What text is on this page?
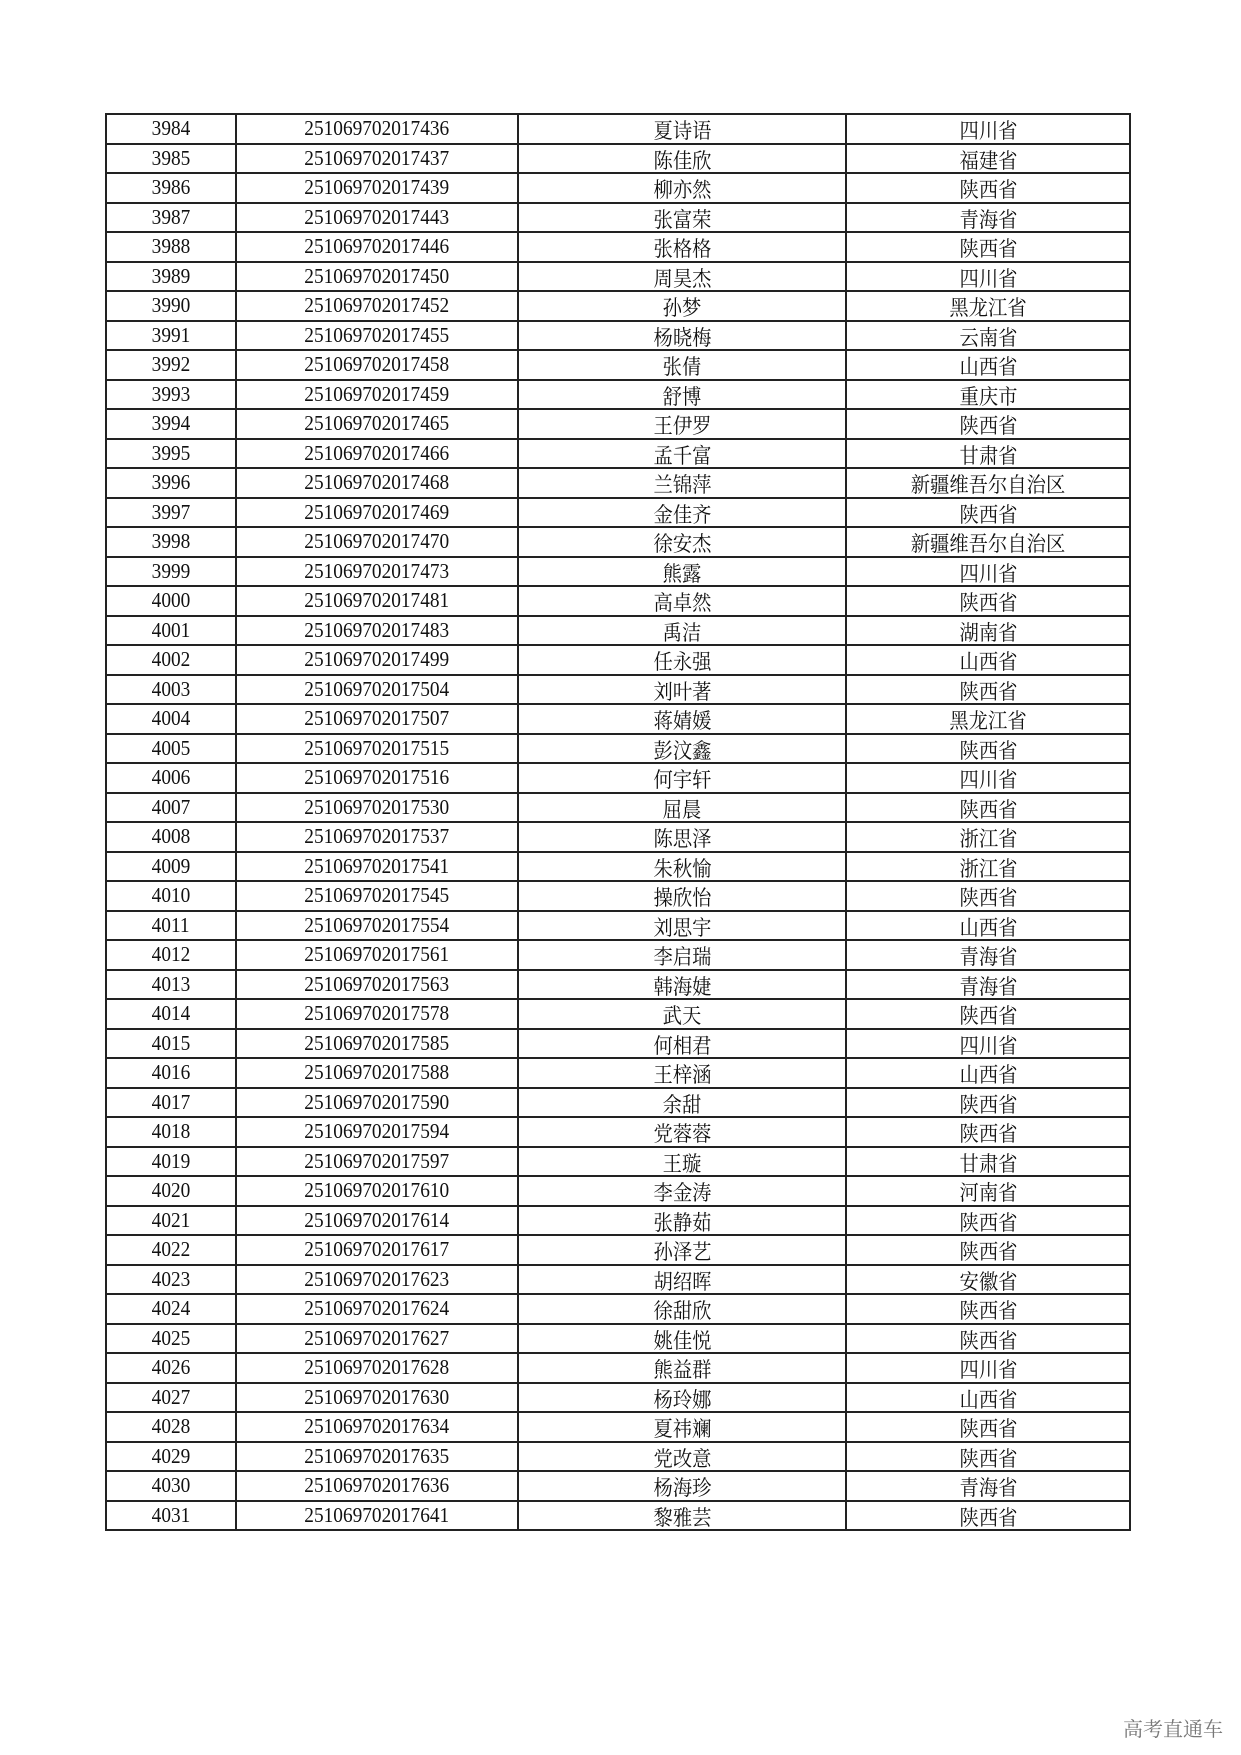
3984	251069702017436	夏诗语	四川省
3985	251069702017437	陈佳欣	福建省
3986	251069702017439	柳亦然	陕西省
3987	251069702017443	张富荣	青海省
3988	251069702017446	张格格	陕西省
3989	251069702017450	周昊杰	四川省
3990	251069702017452	孙梦	黑龙江省
3991	251069702017455	杨晓梅	云南省
3992	251069702017458	张倩	山西省
3993	251069702017459	舒博	重庆市
3994	251069702017465	王伊罗	陕西省
3995	251069702017466	孟千富	甘肃省
3996	251069702017468	兰锦萍	新疆维吾尔自治区
3997	251069702017469	金佳齐	陕西省
3998	251069702017470	徐安杰	新疆维吾尔自治区
3999	251069702017473	熊露	四川省
4000	251069702017481	高卓然	陕西省
4001	251069702017483	禹洁	湖南省
4002	251069702017499	任永强	山西省
4003	251069702017504	刘叶著	陕西省
4004	251069702017507	蒋婧媛	黑龙江省
4005	251069702017515	彭汶鑫	陕西省
4006	251069702017516	何宇轩	四川省
4007	251069702017530	屈晨	陕西省
4008	251069702017537	陈思泽	浙江省
4009	251069702017541	朱秋愉	浙江省
4010	251069702017545	操欣怡	陕西省
4011	251069702017554	刘思宇	山西省
4012	251069702017561	李启瑞	青海省
4013	251069702017563	韩海婕	青海省
4014	251069702017578	武天	陕西省
4015	251069702017585	何相君	四川省
4016	251069702017588	王梓涵	山西省
4017	251069702017590	余甜	陕西省
4018	251069702017594	党蓉蓉	陕西省
4019	251069702017597	王璇	甘肃省
4020	251069702017610	李金涛	河南省
4021	251069702017614	张静茹	陕西省
4022	251069702017617	孙泽艺	陕西省
4023	251069702017623	胡绍晖	安徽省
4024	251069702017624	徐甜欣	陕西省
4025	251069702017627	姚佳悦	陕西省
4026	251069702017628	熊益群	四川省
4027	251069702017630	杨玲娜	山西省
4028	251069702017634	夏祎斓	陕西省
4029	251069702017635	党改意	陕西省
4030	251069702017636	杨海珍	青海省
4031	251069702017641	黎雅芸	陕西省
高考直通车
